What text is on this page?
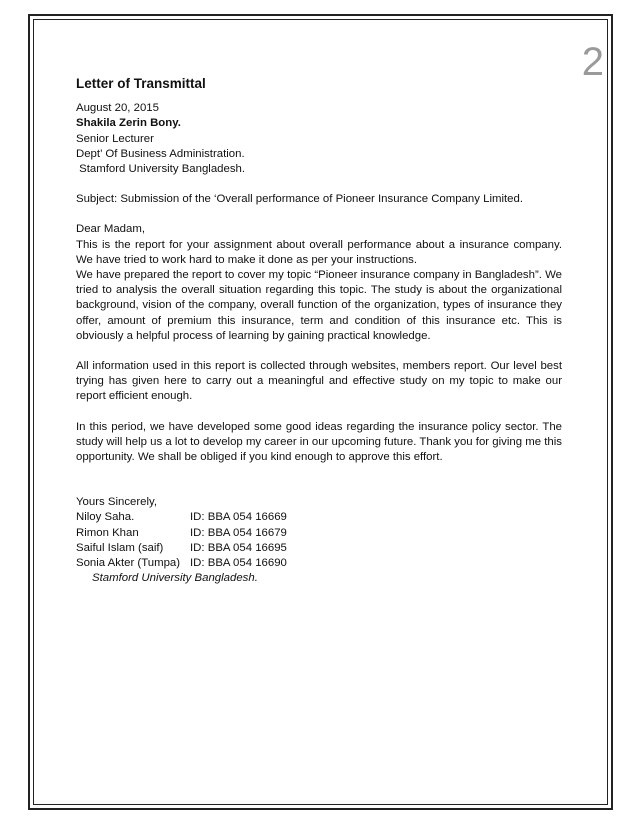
2
Letter of Transmittal
August 20, 2015
Shakila Zerin Bony.
Senior Lecturer
Dept’ Of Business Administration.
Stamford University Bangladesh.
Subject: Submission of the ‘Overall performance of Pioneer Insurance Company Limited.
Dear Madam,

This is the report for your assignment about overall performance about a insurance company. We have tried to work hard to make it done as per your instructions.

We have prepared the report to cover my topic “Pioneer insurance company in Bangladesh”. We tried to analysis the overall situation regarding this topic. The study is about the organizational background, vision of the company, overall function of the organization, types of insurance they offer, amount of premium this insurance, term and condition of this insurance etc. This is obviously a helpful process of learning by gaining practical knowledge.

All information used in this report is collected through websites, members report. Our level best trying has given here to carry out a meaningful and effective study on my topic to make our report efficient enough.

In this period, we have developed some good ideas regarding the insurance policy sector. The study will help us a lot to develop my career in our upcoming future. Thank you for giving me this opportunity. We shall be obliged if you kind enough to approve this effort.

Yours Sincerely,
Niloy Saha.	ID: BBA 054 16669
Rimon Khan	ID: BBA 054 16679
Saiful Islam (saif)	ID: BBA 054 16695
Sonia Akter (Tumpa)	ID: BBA 054 16690
Stamford University Bangladesh.
